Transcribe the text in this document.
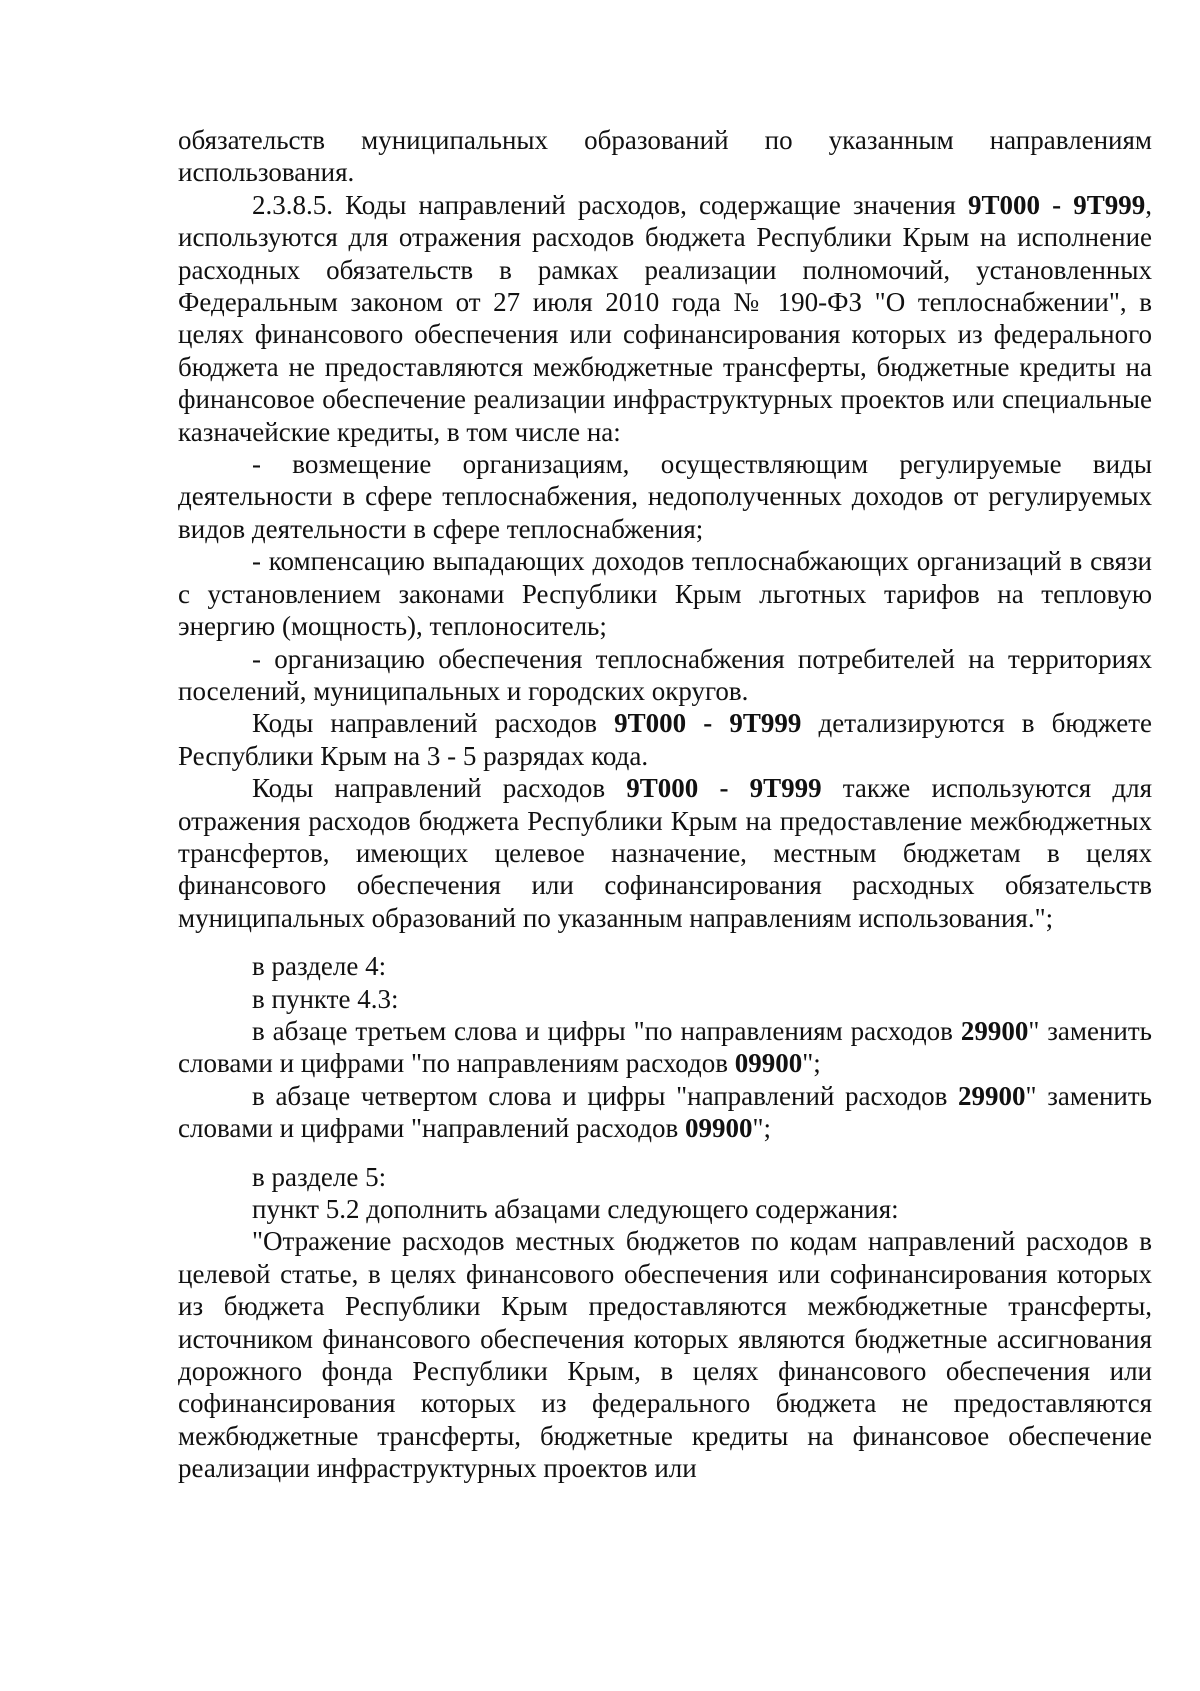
обязательств муниципальных образований по указанным направлениям использования.

2.3.8.5. Коды направлений расходов, содержащие значения 9Т000 - 9Т999, используются для отражения расходов бюджета Республики Крым на исполнение расходных обязательств в рамках реализации полномочий, установленных Федеральным законом от 27 июля 2010 года № 190-ФЗ "О теплоснабжении", в целях финансового обеспечения или софинансирования которых из федерального бюджета не предоставляются межбюджетные трансферты, бюджетные кредиты на финансовое обеспечение реализации инфраструктурных проектов или специальные казначейские кредиты, в том числе на:

- возмещение организациям, осуществляющим регулируемые виды деятельности в сфере теплоснабжения, недополученных доходов от регулируемых видов деятельности в сфере теплоснабжения;

- компенсацию выпадающих доходов теплоснабжающих организаций в связи с установлением законами Республики Крым льготных тарифов на тепловую энергию (мощность), теплоноситель;

- организацию обеспечения теплоснабжения потребителей на территориях поселений, муниципальных и городских округов.

Коды направлений расходов 9Т000 - 9Т999 детализируются в бюджете Республики Крым на 3 - 5 разрядах кода.

Коды направлений расходов 9Т000 - 9Т999 также используются для отражения расходов бюджета Республики Крым на предоставление межбюджетных трансфертов, имеющих целевое назначение, местным бюджетам в целях финансового обеспечения или софинансирования расходных обязательств муниципальных образований по указанным направлениям использования.";

в разделе 4:

в пункте 4.3:

в абзаце третьем слова и цифры "по направлениям расходов 29900" заменить словами и цифрами "по направлениям расходов 09900";

в абзаце четвертом слова и цифры "направлений расходов 29900" заменить словами и цифрами "направлений расходов 09900";

в разделе 5:

пункт 5.2 дополнить абзацами следующего содержания:

"Отражение расходов местных бюджетов по кодам направлений расходов в целевой статье, в целях финансового обеспечения или софинансирования которых из бюджета Республики Крым предоставляются межбюджетные трансферты, источником финансового обеспечения которых являются бюджетные ассигнования дорожного фонда Республики Крым, в целях финансового обеспечения или софинансирования которых из федерального бюджета не предоставляются межбюджетные трансферты, бюджетные кредиты на финансовое обеспечение реализации инфраструктурных проектов или
